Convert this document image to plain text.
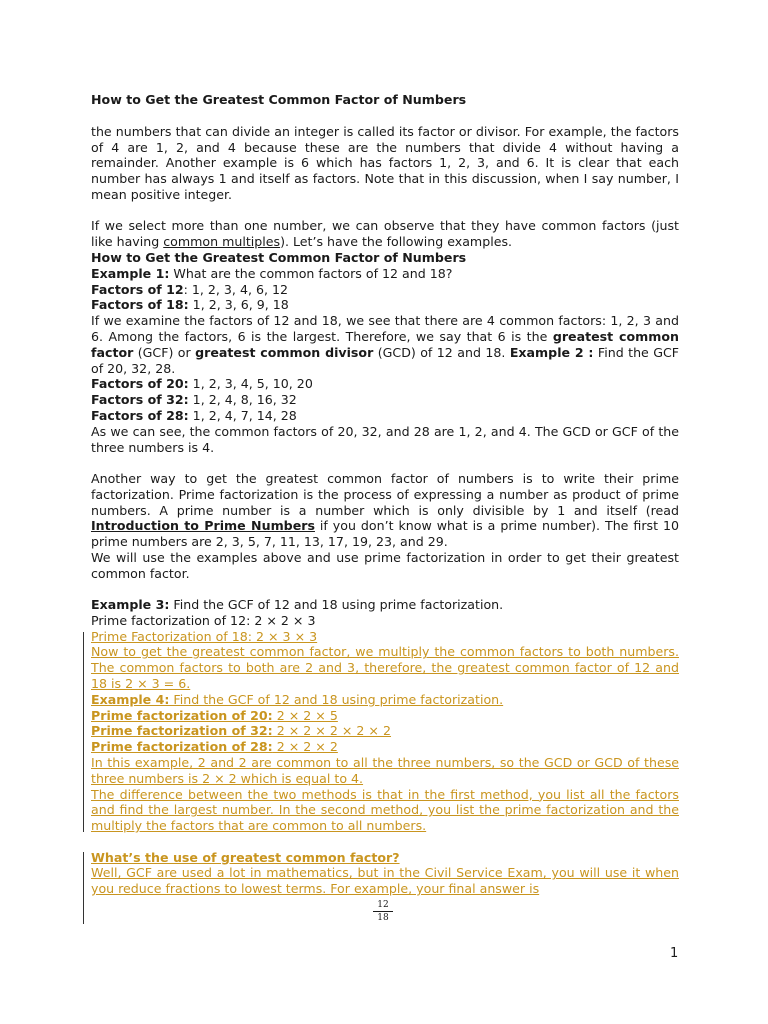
How to Get the Greatest Common Factor of Numbers

the numbers that can divide an integer is called its factor or divisor. For example, the factors of 4 are 1, 2, and 4 because these are the numbers that divide 4 without having a remainder. Another example is 6 which has factors 1, 2, 3, and 6. It is clear that each number has always 1 and itself as factors. Note that in this discussion, when I say number, I mean positive integer.

If we select more than one number, we can observe that they have common factors (just like having common multiples). Let’s have the following examples.

How to Get the Greatest Common Factor of Numbers

Example 1: What are the common factors of 12 and 18?

Factors of 12: 1, 2, 3, 4, 6, 12

Factors of 18: 1, 2, 3, 6, 9, 18

If we examine the factors of 12 and 18, we see that there are 4 common factors: 1, 2, 3 and 6. Among the factors, 6 is the largest. Therefore, we say that 6 is the greatest common factor (GCF) or greatest common divisor (GCD) of 12 and 18. Example 2 : Find the GCF of 20, 32, 28.

Factors of 20: 1, 2, 3, 4, 5, 10, 20

Factors of 32: 1, 2, 4, 8, 16, 32

Factors of 28: 1, 2, 4, 7, 14, 28

As we can see, the common factors of 20, 32, and 28 are 1, 2, and 4. The GCD or GCF of the three numbers is 4.

Another way to get the greatest common factor of numbers is to write their prime factorization. Prime factorization is the process of expressing a number as product of prime numbers. A prime number is a number which is only divisible by 1 and itself (read Introduction to Prime Numbers if you don’t know what is a prime number). The first 10 prime numbers are 2, 3, 5, 7, 11, 13, 17, 19, 23, and 29.

We will use the examples above and use prime factorization in order to get their greatest common factor.

Example 3: Find the GCF of 12 and 18 using prime factorization.

Prime factorization of 12: 2 × 2 × 3

Prime Factorization of 18: 2 × 3 × 3

Now to get the greatest common factor, we multiply the common factors to both numbers. The common factors to both are 2 and 3, therefore, the greatest common factor of 12 and 18 is 2 × 3 = 6.

Example 4: Find the GCF of 12 and 18 using prime factorization.

Prime factorization of 20: 2 × 2 × 5

Prime factorization of 32: 2 × 2 × 2 × 2 × 2

Prime factorization of 28: 2 × 2 × 2

In this example, 2 and 2 are common to all the three numbers, so the GCD or GCD of these three numbers is 2 × 2 which is equal to 4.

The difference between the two methods is that in the first method, you list all the factors and find the largest number. In the second method, you list the prime factorization and the multiply the factors that are common to all numbers.

What’s the use of greatest common factor?

Well, GCF are used a lot in mathematics, but in the Civil Service Exam, you will use it when you reduce fractions to lowest terms. For example, your final answer is

$\frac{12}{18}$
1
